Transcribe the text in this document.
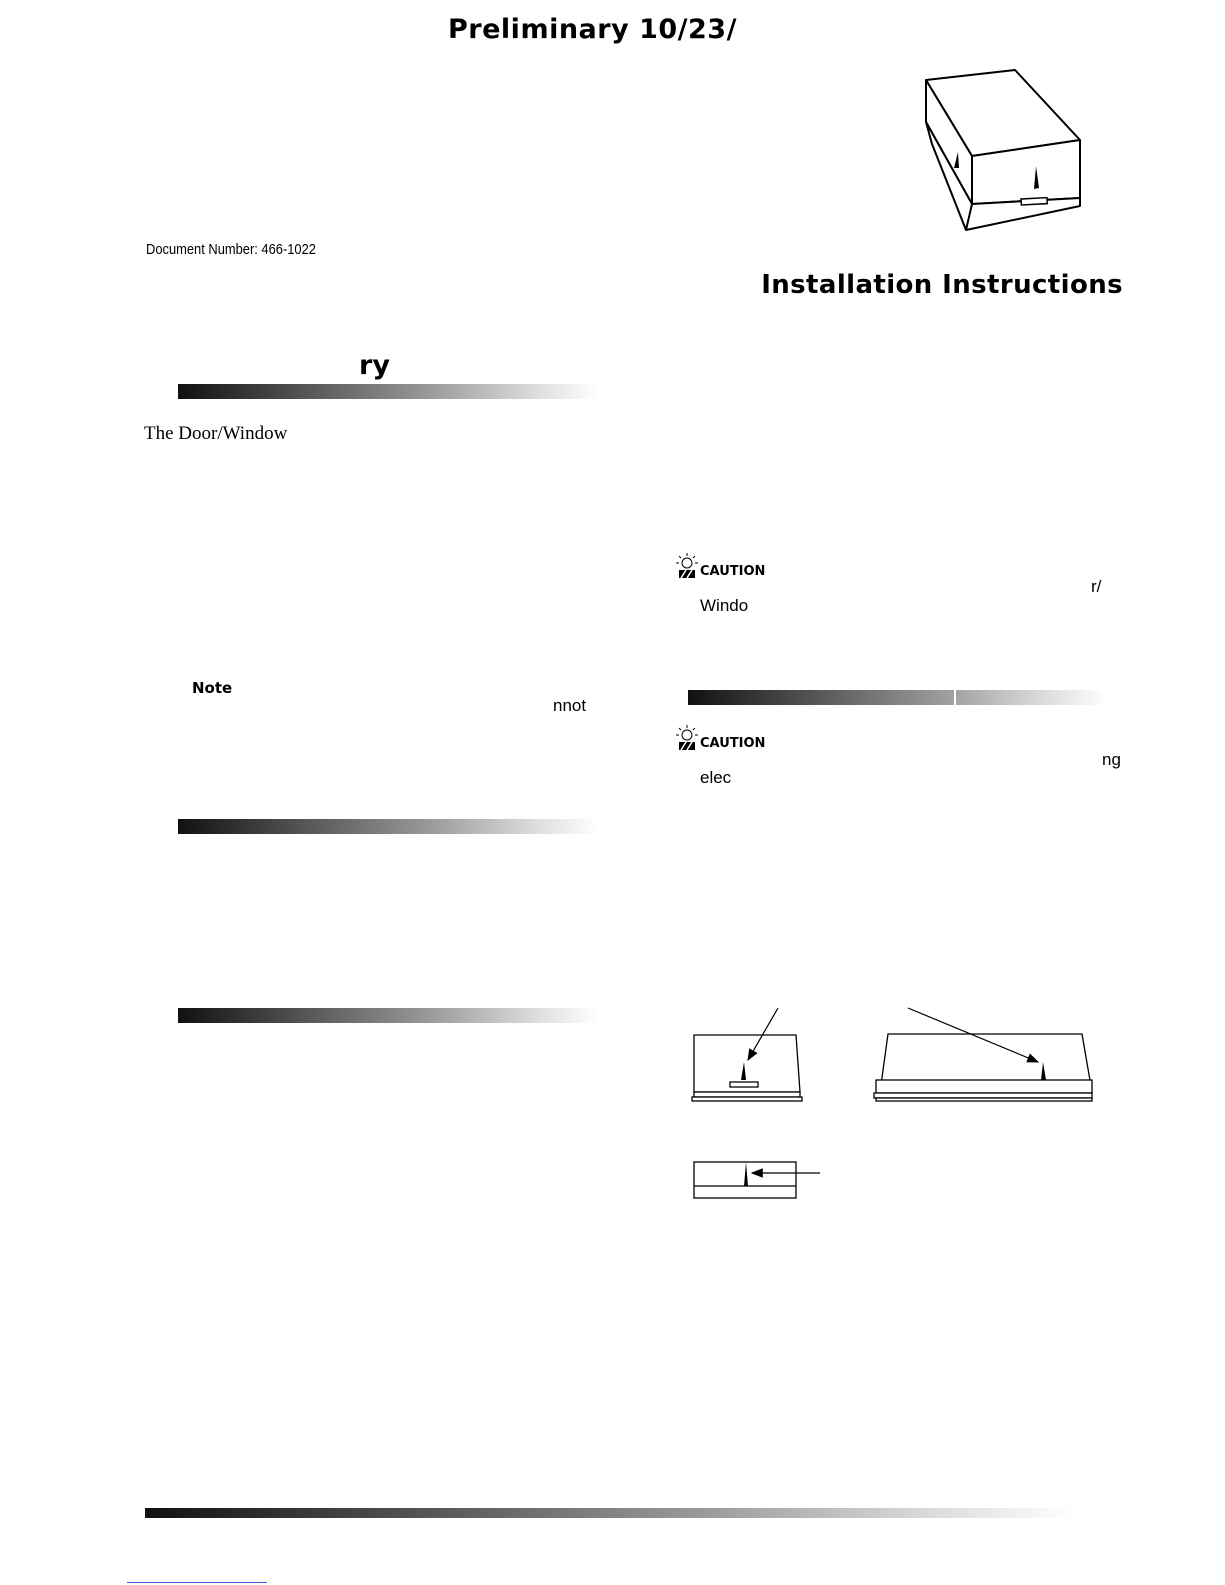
Preliminary 10/23/
Document Number: 466-1022
Installation Instructions
ry
The Door/Window
Note
nnot
CAUTION
r/
Windo
CAUTION
ng
elec
